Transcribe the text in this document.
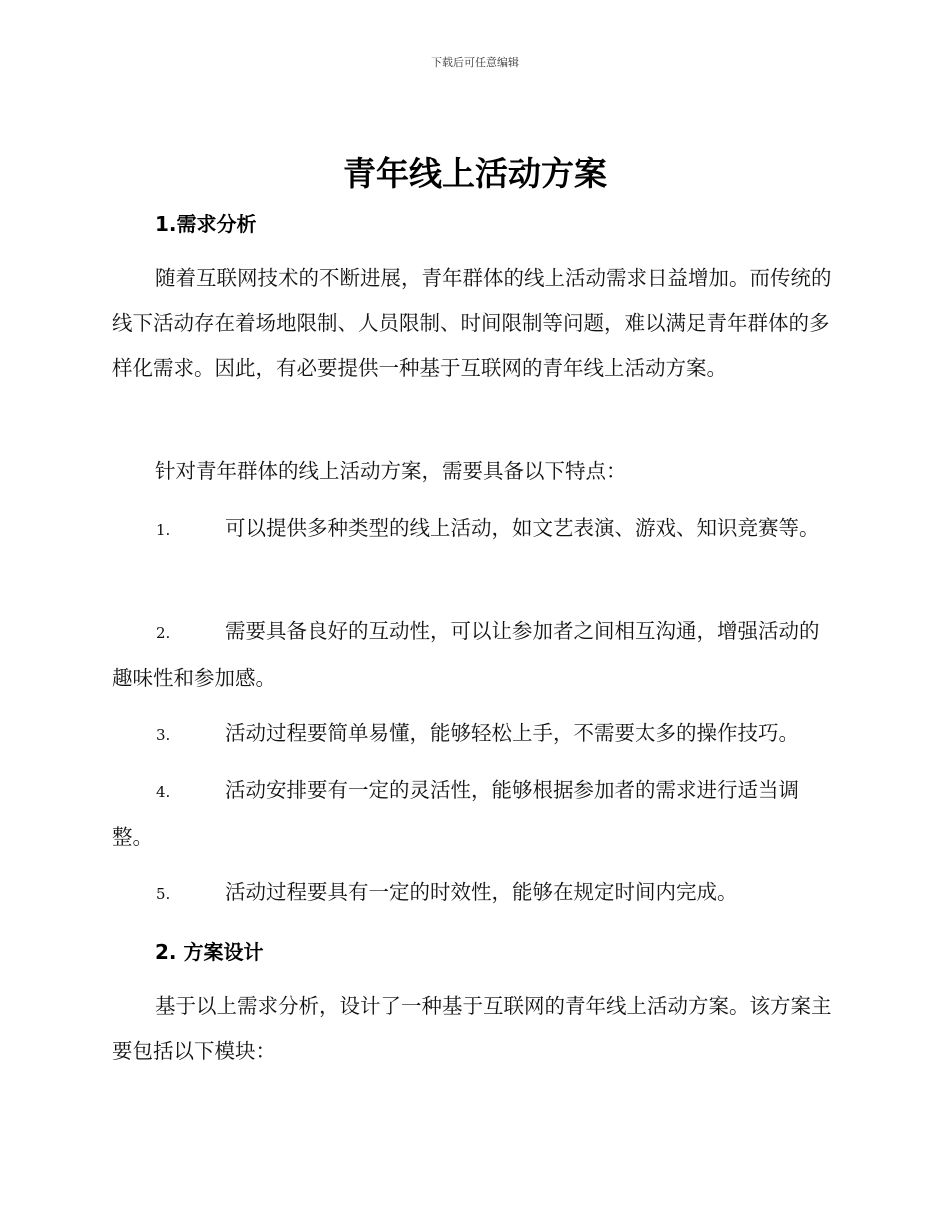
下载后可任意编辑
青年线上活动方案
1.需求分析

随着互联网技术的不断进展，青年群体的线上活动需求日益增加。而传统的线下活动存在着场地限制、人员限制、时间限制等问题，难以满足青年群体的多样化需求。因此，有必要提供一种基于互联网的青年线上活动方案。

针对青年群体的线上活动方案，需要具备以下特点：

1.	可以提供多种类型的线上活动，如文艺表演、游戏、知识竞赛等。
2.	需要具备良好的互动性，可以让参加者之间相互沟通，增强活动的趣味性和参加感。
3.	活动过程要简单易懂，能够轻松上手，不需要太多的操作技巧。
4.	活动安排要有一定的灵活性，能够根据参加者的需求进行适当调整。
5.	活动过程要具有一定的时效性，能够在规定时间内完成。
2. 方案设计

基于以上需求分析，设计了一种基于互联网的青年线上活动方案。该方案主要包括以下模块：
